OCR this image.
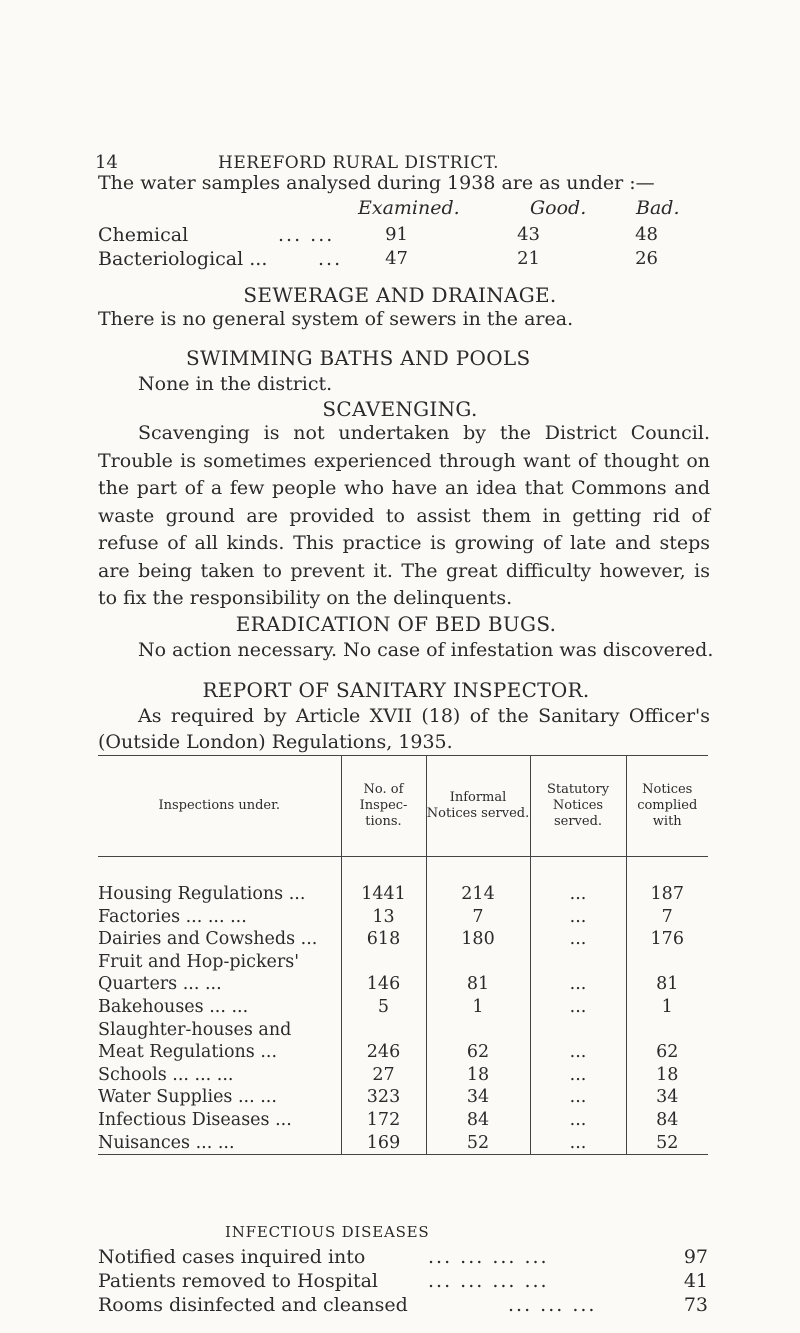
14	HEREFORD RURAL DISTRICT.
The water samples analysed during 1938 are as under :—
Examined.	Good.	Bad.
Chemical	... ...	91	43	48
Bacteriological ...	...	47	21	26
SEWERAGE AND DRAINAGE.
There is no general system of sewers in the area.
SWIMMING BATHS AND POOLS
None in the district.
SCAVENGING.
Scavenging is not undertaken by the District Council. Trouble is sometimes experienced through want of thought on the part of a few people who have an idea that Commons and waste ground are provided to assist them in getting rid of refuse of all kinds. This practice is growing of late and steps are being taken to prevent it. The great difficulty however, is to fix the responsibility on the delinquents.
ERADICATION OF BED BUGS.
No action necessary. No case of infestation was discovered.
REPORT OF SANITARY INSPECTOR.
As required by Article XVII (18) of the Sanitary Officer's (Outside London) Regulations, 1935.
Inspections under.	No. of Inspec- tions.	Informal Notices served.	Statutory Notices served.	Notices complied with
Housing Regulations ...	1441	214	...	187
Factories ... ... ...	13	7	...	7
Dairies and Cowsheds ...	618	180	...	176
Fruit and Hop-pickers'				
Quarters ... ...	146	81	...	81
Bakehouses ... ...	5	1	...	1
Slaughter-houses and				
Meat Regulations ...	246	62	...	62
Schools ... ... ...	27	18	...	18
Water Supplies ... ...	323	34	...	34
Infectious Diseases ...	172	84	...	84
Nuisances ... ...	169	52	...	52
INFECTIOUS DISEASES
Notified cases inquired into	... ... ... ...	97
Patients removed to Hospital	... ... ... ...	41
Rooms disinfected and cleansed	... ... ...	73
